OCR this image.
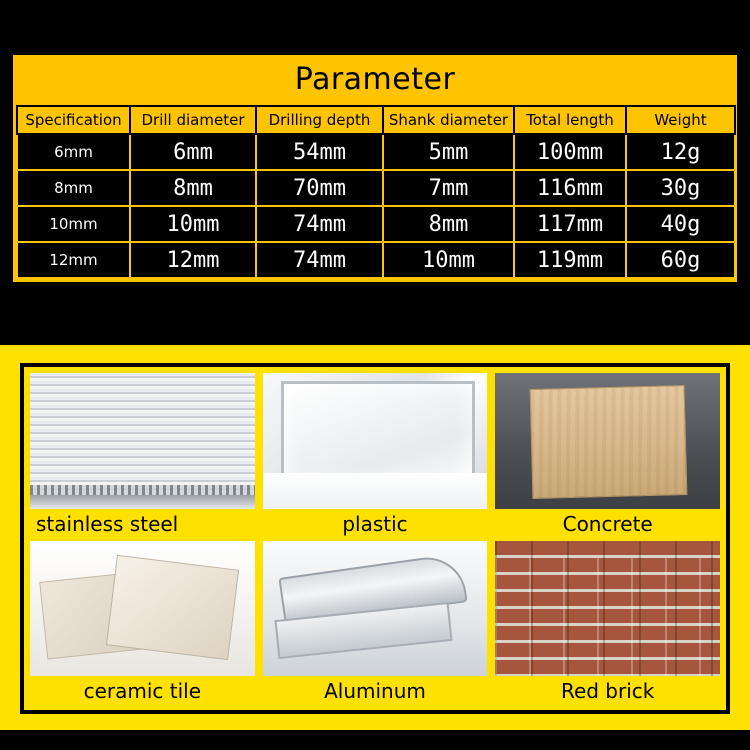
Parameter
Specification	Drill diameter	Drilling depth	Shank diameter	Total length	Weight
6mm	6mm	54mm	5mm	100mm	12g
8mm	8mm	70mm	7mm	116mm	30g
10mm	10mm	74mm	8mm	117mm	40g
12mm	12mm	74mm	10mm	119mm	60g
stainless steel	plastic	Concrete
ceramic tile	Aluminum	Red brick
